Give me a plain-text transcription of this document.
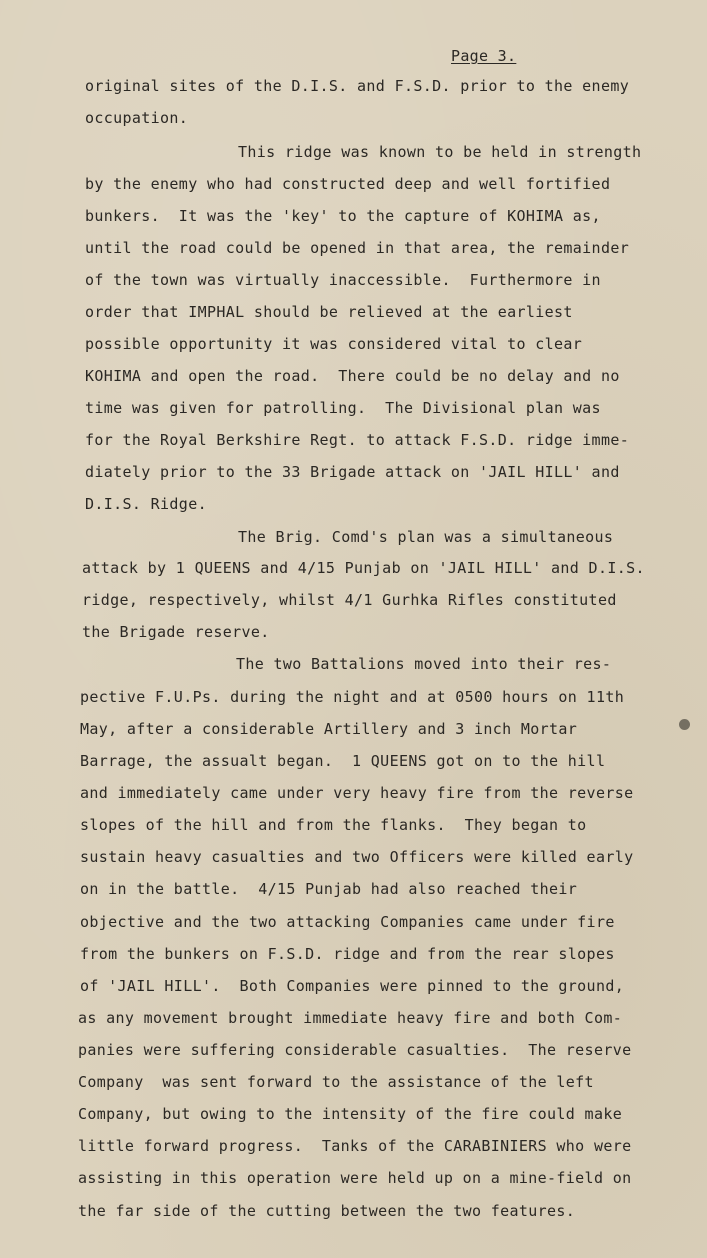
Page 3.
original sites of the D.I.S. and F.S.D. prior to the enemy
occupation.
This ridge was known to be held in strength
by the enemy who had constructed deep and well fortified
bunkers.  It was the 'key' to the capture of KOHIMA as,
until the road could be opened in that area, the remainder
of the town was virtually inaccessible.  Furthermore in
order that IMPHAL should be relieved at the earliest
possible opportunity it was considered vital to clear
KOHIMA and open the road.  There could be no delay and no
time was given for patrolling.  The Divisional plan was
for the Royal Berkshire Regt. to attack F.S.D. ridge imme-
diately prior to the 33 Brigade attack on 'JAIL HILL' and
D.I.S. Ridge.
The Brig. Comd's plan was a simultaneous
attack by 1 QUEENS and 4/15 Punjab on 'JAIL HILL' and D.I.S.
ridge, respectively, whilst 4/1 Gurhka Rifles constituted
the Brigade reserve.
The two Battalions moved into their res-
pective F.U.Ps. during the night and at 0500 hours on 11th
May, after a considerable Artillery and 3 inch Mortar
Barrage, the assualt began.  1 QUEENS got on to the hill
and immediately came under very heavy fire from the reverse
slopes of the hill and from the flanks.  They began to
sustain heavy casualties and two Officers were killed early
on in the battle.  4/15 Punjab had also reached their
objective and the two attacking Companies came under fire
from the bunkers on F.S.D. ridge and from the rear slopes
of 'JAIL HILL'.  Both Companies were pinned to the ground,
as any movement brought immediate heavy fire and both Com-
panies were suffering considerable casualties.  The reserve
Company  was sent forward to the assistance of the left
Company, but owing to the intensity of the fire could make
little forward progress.  Tanks of the CARABINIERS who were
assisting in this operation were held up on a mine-field on
the far side of the cutting between the two features.
